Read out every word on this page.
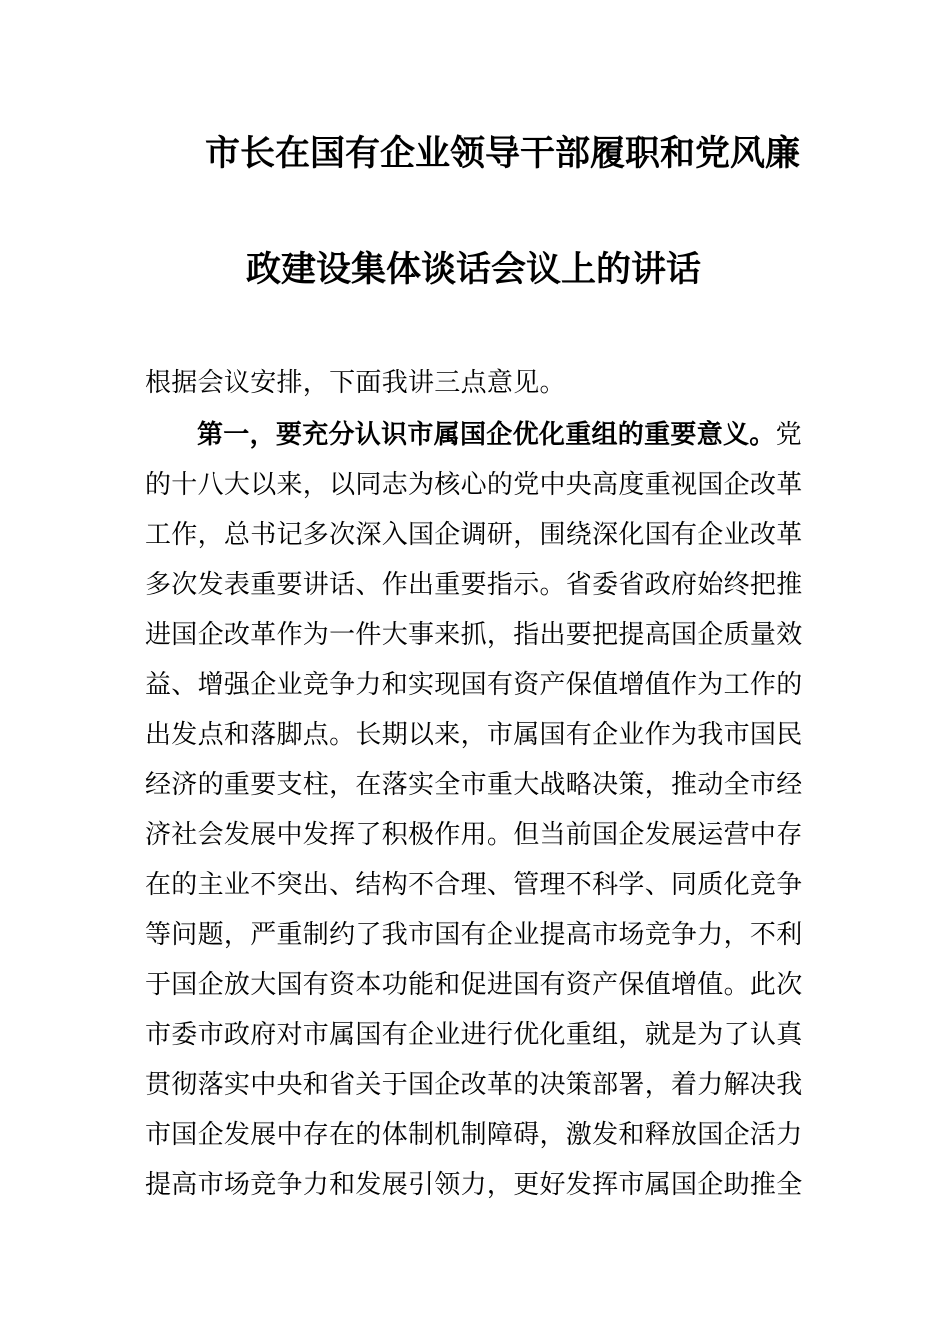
市长在国有企业领导干部履职和党风廉
政建设集体谈话会议上的讲话
根据会议安排，下面我讲三点意见。
第一，要充分认识市属国企优化重组的重要意义。党
的十八大以来，以同志为核心的党中央高度重视国企改革
工作，总书记多次深入国企调研，围绕深化国有企业改革
多次发表重要讲话、作出重要指示。省委省政府始终把推
进国企改革作为一件大事来抓，指出要把提高国企质量效
益、增强企业竞争力和实现国有资产保值增值作为工作的
出发点和落脚点。长期以来，市属国有企业作为我市国民
经济的重要支柱，在落实全市重大战略决策，推动全市经
济社会发展中发挥了积极作用。但当前国企发展运营中存
在的主业不突出、结构不合理、管理不科学、同质化竞争
等问题，严重制约了我市国有企业提高市场竞争力，不利
于国企放大国有资本功能和促进国有资产保值增值。此次
市委市政府对市属国有企业进行优化重组，就是为了认真
贯彻落实中央和省关于国企改革的决策部署，着力解决我
市国企发展中存在的体制机制障碍，激发和释放国企活力
提高市场竞争力和发展引领力，更好发挥市属国企助推全
